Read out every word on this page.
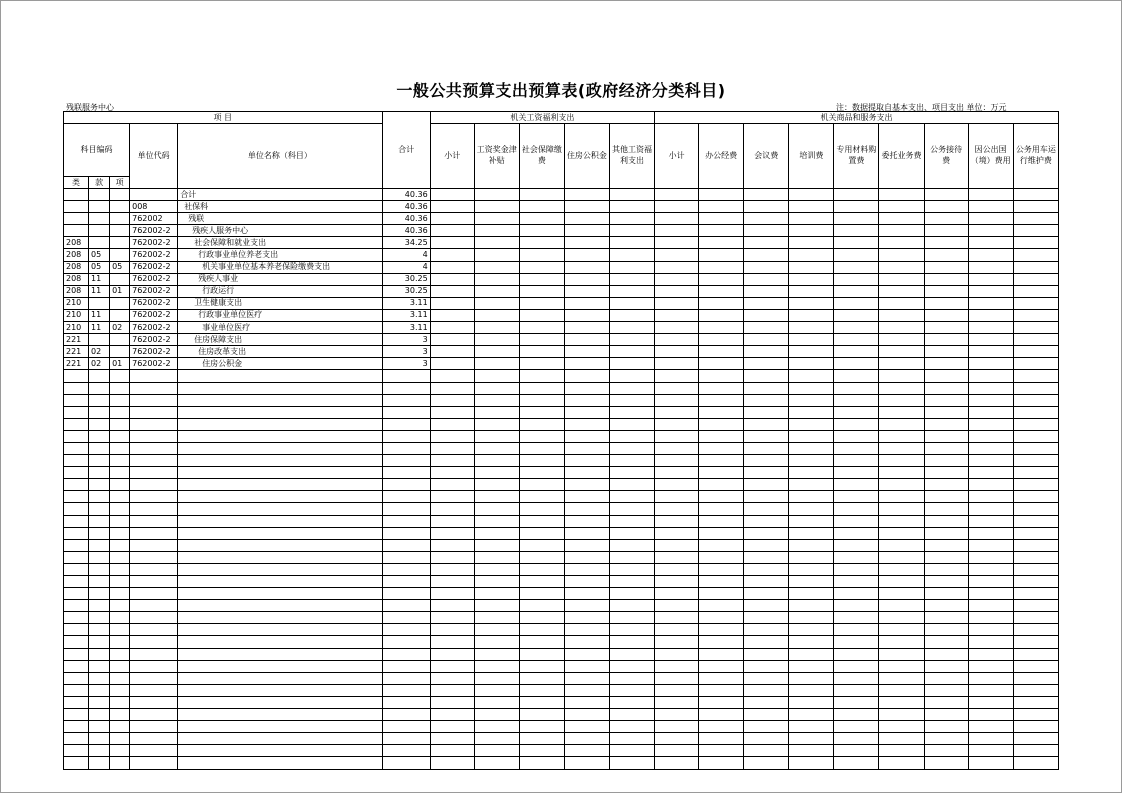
一般公共预算支出预算表(政府经济分类科目)
残联服务中心	注：数据提取自基本支出、项目支出 单位：万元
项 目					合计	机关工资福利支出					机关商品和服务支出								
科目编码			单位代码	单位名称（科目）		小计	工资奖金津补贴	社会保障缴费	住房公积金	其他工资福利支出	小计	办公经费	会议费	培训费	专用材料购置费	委托业务费	公务接待费	因公出国（境）费用	公务用车运行维护费
类	款	项																	
				合计	40.36														
			008	社保科	40.36														
			762002	残联	40.36														
			762002-2	残疾人服务中心	40.36														
208			762002-2	社会保障和就业支出	34.25														
208	05		762002-2	行政事业单位养老支出	4														
208	05	05	762002-2	机关事业单位基本养老保险缴费支出	4														
208	11		762002-2	残疾人事业	30.25														
208	11	01	762002-2	行政运行	30.25														
210			762002-2	卫生健康支出	3.11														
210	11		762002-2	行政事业单位医疗	3.11														
210	11	02	762002-2	事业单位医疗	3.11														
221			762002-2	住房保障支出	3														
221	02		762002-2	住房改革支出	3														
221	02	01	762002-2	住房公积金	3														
